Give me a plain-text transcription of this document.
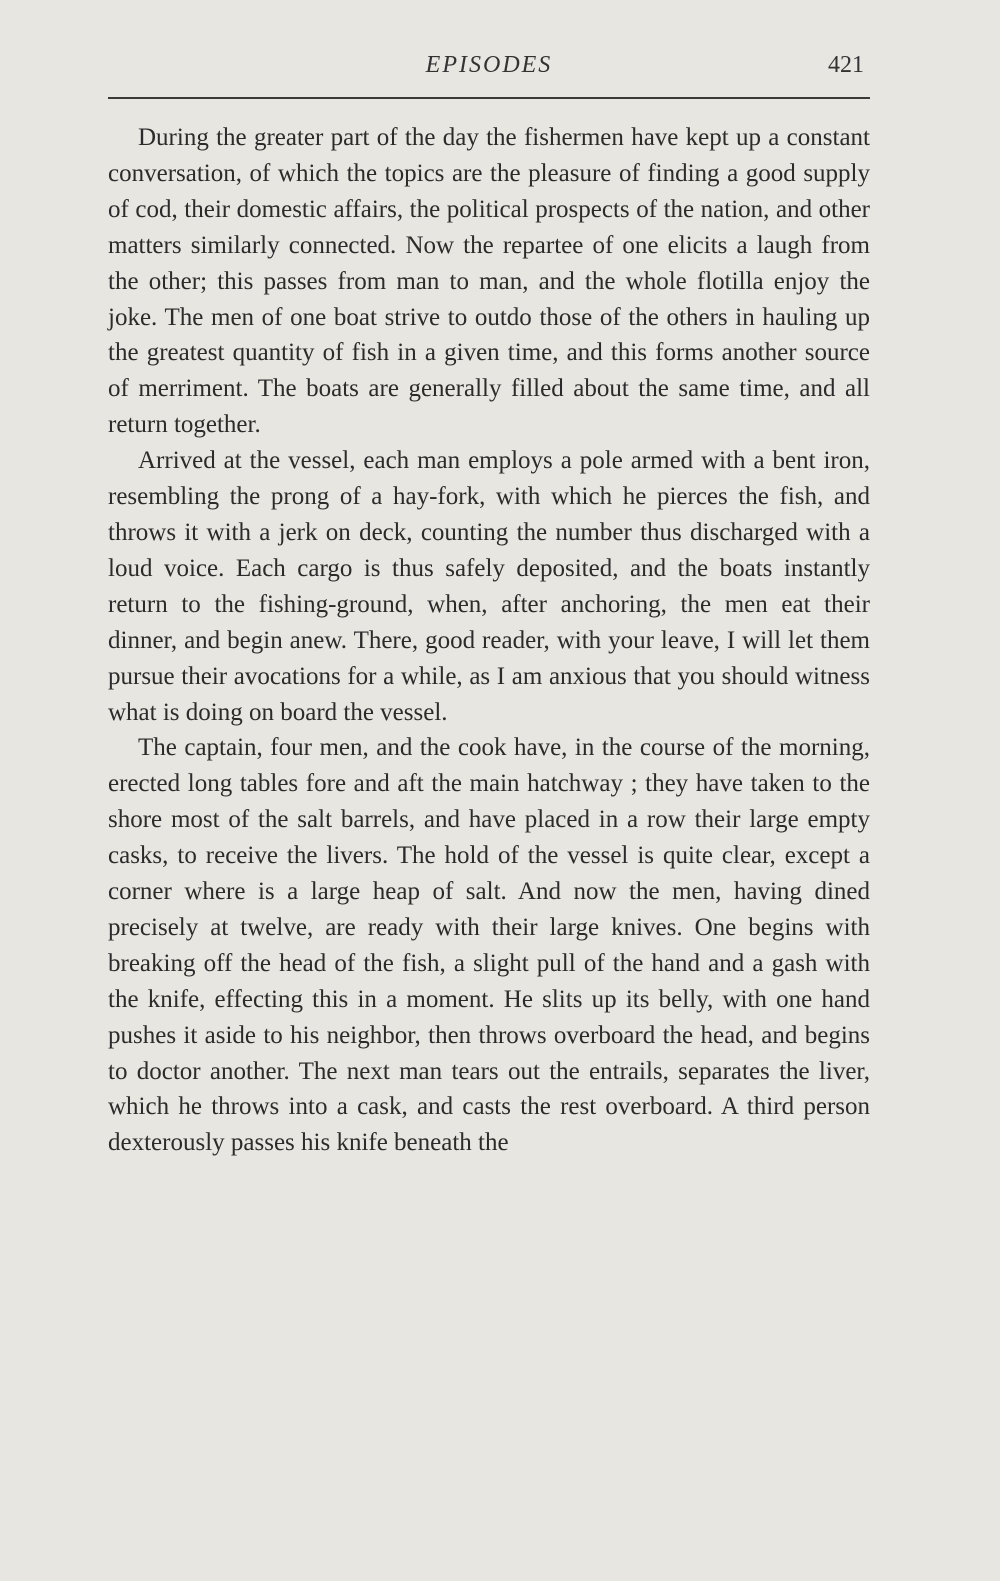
EPISODES	421

During the greater part of the day the fishermen have kept up a constant conversation, of which the topics are the pleasure of finding a good supply of cod, their domestic affairs, the political prospects of the nation, and other matters similarly connected. Now the repartee of one elicits a laugh from the other; this passes from man to man, and the whole flotilla enjoy the joke. The men of one boat strive to outdo those of the others in hauling up the greatest quantity of fish in a given time, and this forms another source of merriment. The boats are generally filled about the same time, and all return together.

Arrived at the vessel, each man employs a pole armed with a bent iron, resembling the prong of a hay-fork, with which he pierces the fish, and throws it with a jerk on deck, counting the number thus discharged with a loud voice. Each cargo is thus safely deposited, and the boats instantly return to the fishing-ground, when, after anchoring, the men eat their dinner, and begin anew. There, good reader, with your leave, I will let them pursue their avocations for a while, as I am anxious that you should witness what is doing on board the vessel.

The captain, four men, and the cook have, in the course of the morning, erected long tables fore and aft the main hatchway ; they have taken to the shore most of the salt barrels, and have placed in a row their large empty casks, to receive the livers. The hold of the vessel is quite clear, except a corner where is a large heap of salt. And now the men, having dined precisely at twelve, are ready with their large knives. One begins with breaking off the head of the fish, a slight pull of the hand and a gash with the knife, effecting this in a moment. He slits up its belly, with one hand pushes it aside to his neighbor, then throws overboard the head, and begins to doctor another. The next man tears out the entrails, separates the liver, which he throws into a cask, and casts the rest overboard. A third person dexterously passes his knife beneath the
